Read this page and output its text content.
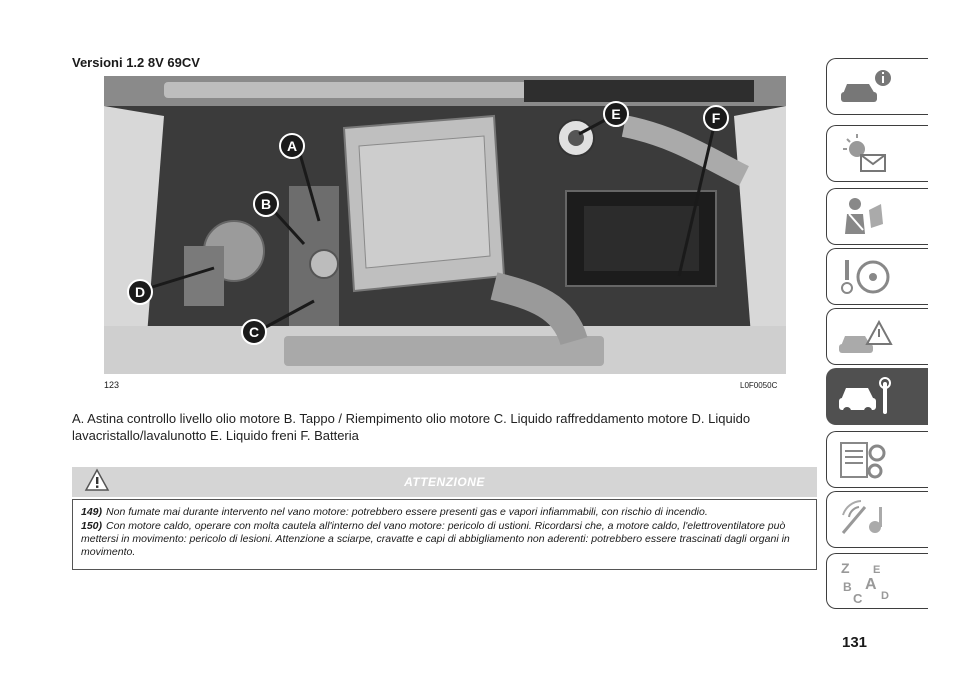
Versioni 1.2 8V 69CV
A
B
C
D
E	F
123	L0F0050C
A. Astina controllo livello olio motore B. Tappo / Riempimento olio motore C. Liquido raffreddamento motore D. Liquido lavacristallo/lavalunotto E. Liquido freni F. Batteria
ATTENZIONE

149) Non fumate mai durante intervento nel vano motore: potrebbero essere presenti gas e vapori infiammabili, con rischio di incendio.

150) Con motore caldo, operare con molta cautela all'interno del vano motore: pericolo di ustioni. Ricordarsi che, a motore caldo, l'elettroventilatore può mettersi in movimento: pericolo di lesioni. Attenzione a sciarpe, cravatte e capi di abbigliamento non aderenti: potrebbero essere trascinati dagli organi in movimento.

131
Z E
A
B
C D
